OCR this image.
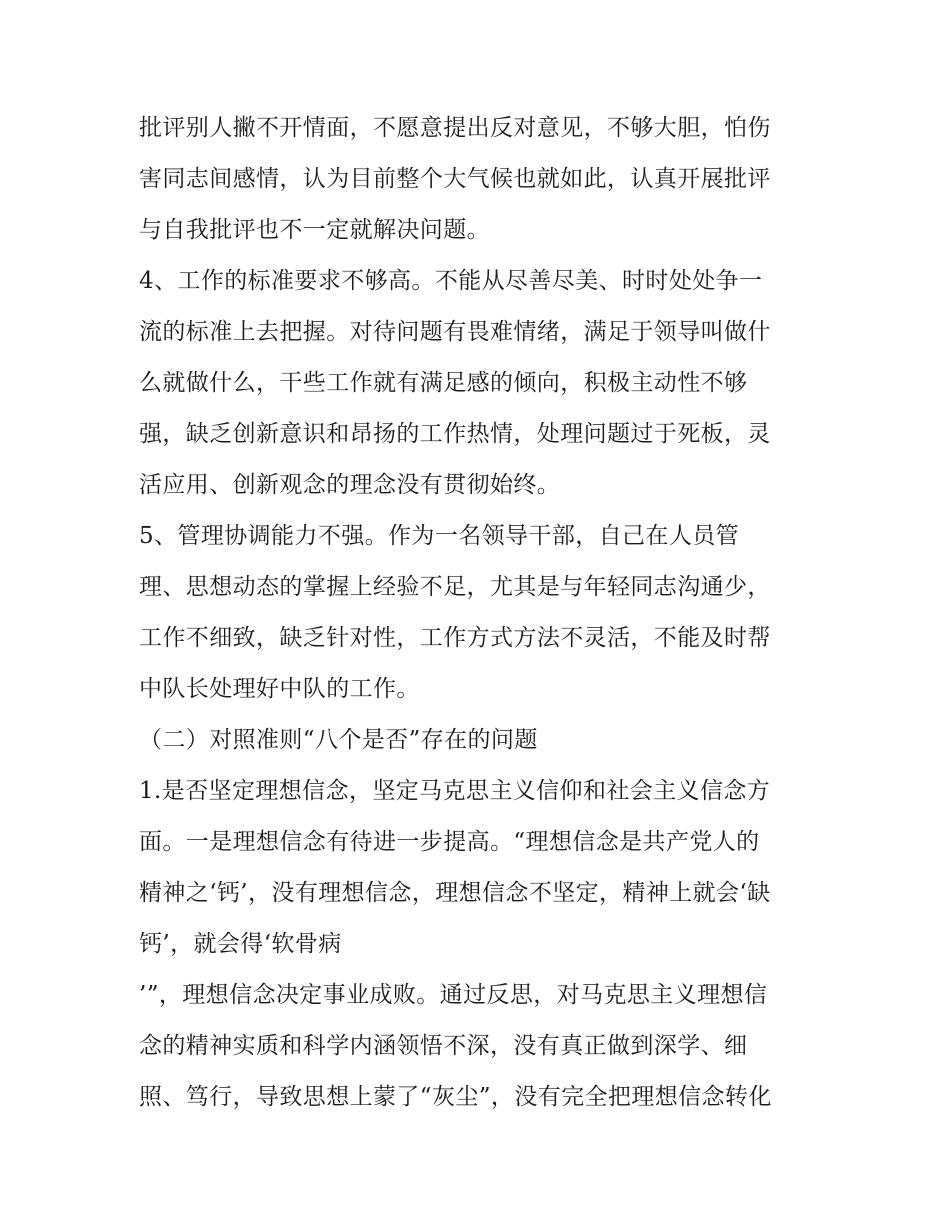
批评别人撇不开情面，不愿意提出反对意见，不够大胆，怕伤
害同志间感情，认为目前整个大气候也就如此，认真开展批评
与自我批评也不一定就解决问题。
4、工作的标准要求不够高。不能从尽善尽美、时时处处争一
流的标准上去把握。对待问题有畏难情绪，满足于领导叫做什
么就做什么，干些工作就有满足感的倾向，积极主动性不够
强，缺乏创新意识和昂扬的工作热情，处理问题过于死板，灵
活应用、创新观念的理念没有贯彻始终。
5、管理协调能力不强。作为一名领导干部，自己在人员管
理、思想动态的掌握上经验不足，尤其是与年轻同志沟通少，
工作不细致，缺乏针对性，工作方式方法不灵活，不能及时帮
中队长处理好中队的工作。
（二）对照准则“八个是否”存在的问题
1.是否坚定理想信念，坚定马克思主义信仰和社会主义信念方
面。一是理想信念有待进一步提高。“理想信念是共产党人的
精神之‘钙’，没有理想信念，理想信念不坚定，精神上就会‘缺
钙’，就会得‘软骨病
’”，理想信念决定事业成败。通过反思，对马克思主义理想信
念的精神实质和科学内涵领悟不深，没有真正做到深学、细
照、笃行，导致思想上蒙了“灰尘”，没有完全把理想信念转化
